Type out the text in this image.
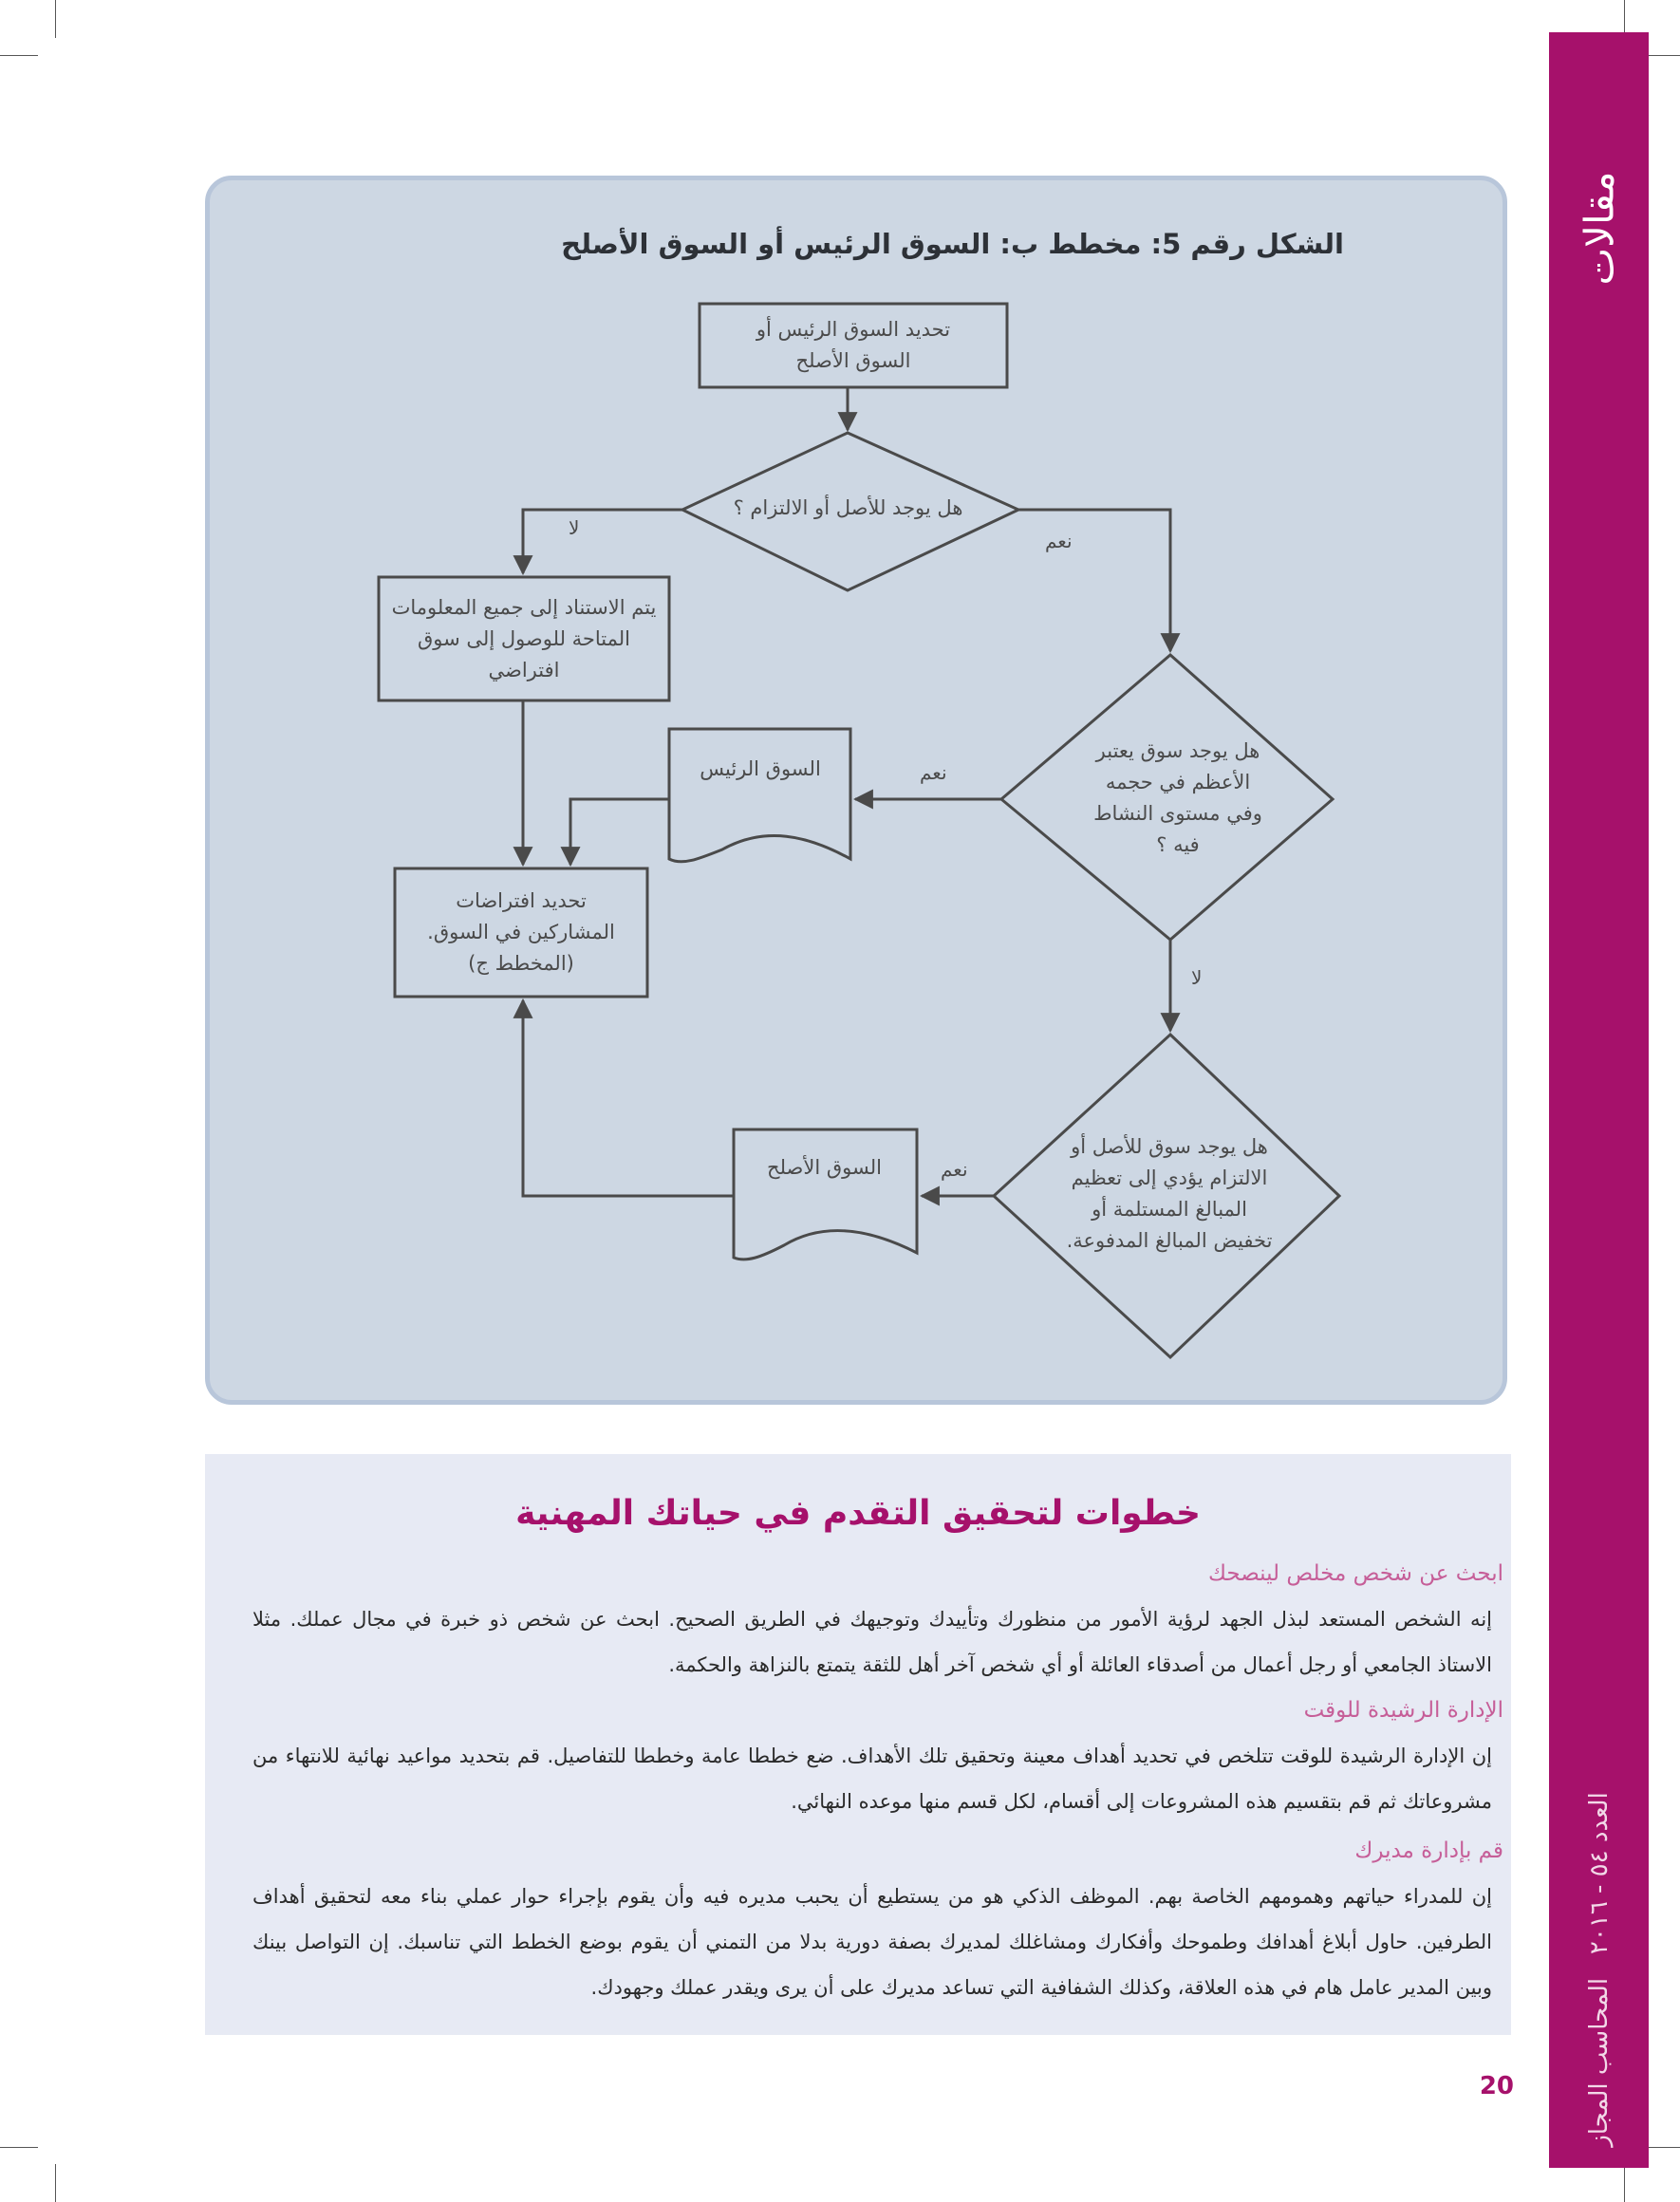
مقالات
العدد ٥٤ - ٢٠١٦   المحاسب المجاز
20
الشكل رقم 5: مخطط ب: السوق الرئيس أو السوق الأصلح
تحديد السوق الرئيس أو السوق الأصلح
هل يوجد للأصل أو الالتزام ؟
يتم الاستناد إلى جميع المعلومات المتاحة للوصول إلى سوق افتراضي
هل يوجد سوق يعتبر الأعظم في حجمه وفي مستوى النشاط فيه ؟
السوق الرئيس
تحديد افتراضات المشاركين في السوق. (المخطط ج)
هل يوجد سوق للأصل أو الالتزام يؤدي إلى تعظيم المبالغ المستلمة أو تخفيض المبالغ المدفوعة.
السوق الأصلح
لا
نعم
نعم
لا
نعم
خطوات لتحقيق التقدم في حياتك المهنية
ابحث عن شخص مخلص لينصحك
إنه الشخص المستعد لبذل الجهد لرؤية الأمور من منظورك وتأييدك وتوجيهك في الطريق الصحيح. ابحث عن شخص ذو خبرة في مجال عملك. مثلا الاستاذ الجامعي أو رجل أعمال من أصدقاء العائلة أو أي شخص آخر أهل للثقة يتمتع بالنزاهة والحكمة.
الإدارة الرشيدة للوقت
إن الإدارة الرشيدة للوقت تتلخص في تحديد أهداف معينة وتحقيق تلك الأهداف. ضع خططا عامة وخططا للتفاصيل. قم بتحديد مواعيد نهائية للانتهاء من مشروعاتك ثم قم بتقسيم هذه المشروعات إلى أقسام، لكل قسم منها موعده النهائي.
قم بإدارة مديرك
إن للمدراء حياتهم وهمومهم الخاصة بهم. الموظف الذكي هو من يستطيع أن يحبب مديره فيه وأن يقوم بإجراء حوار عملي بناء معه لتحقيق أهداف الطرفين. حاول أبلاغ أهدافك وطموحك وأفكارك ومشاغلك لمديرك بصفة دورية بدلا من التمني أن يقوم بوضع الخطط التي تناسبك. إن التواصل بينك وبين المدير عامل هام في هذه العلاقة، وكذلك الشفافية التي تساعد مديرك على أن يرى ويقدر عملك وجهودك.
